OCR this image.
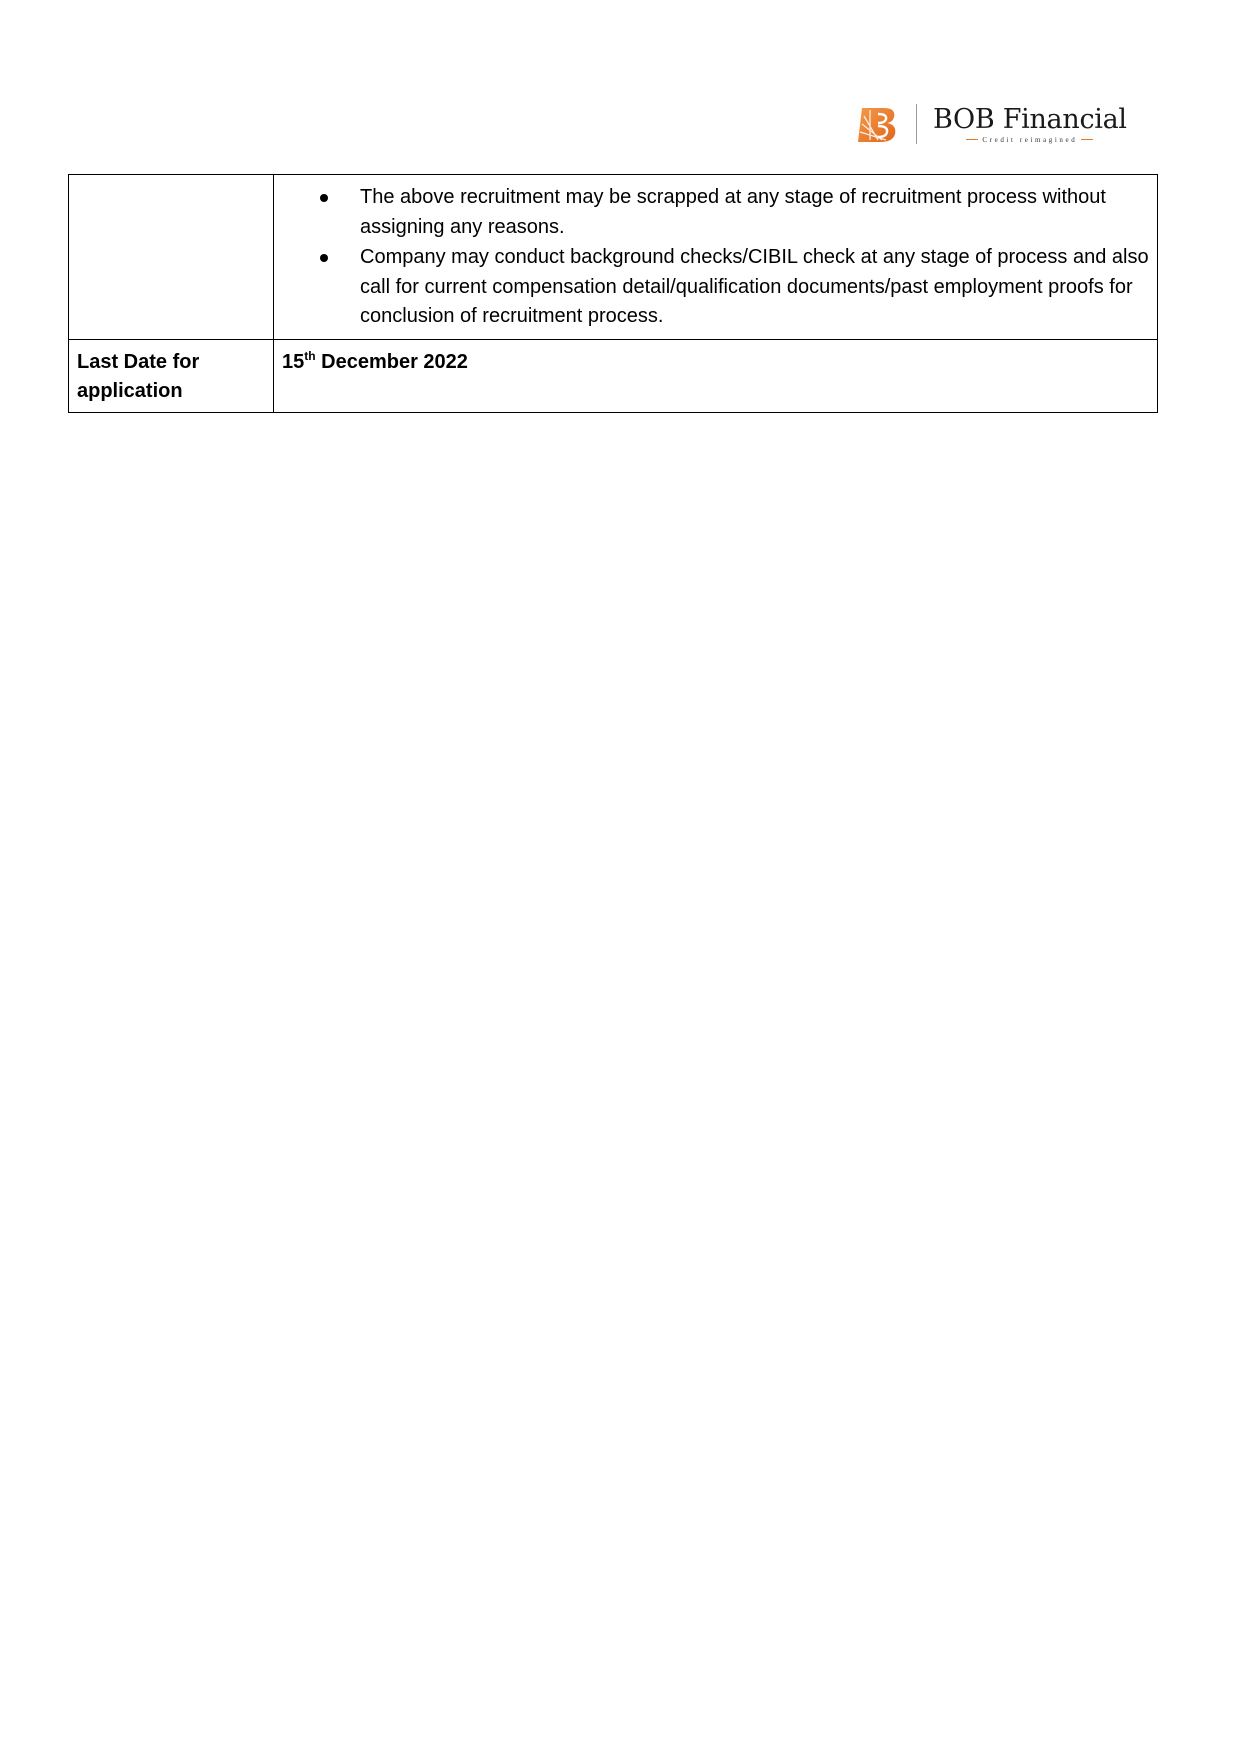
BOB Financial
Credit reimagined

The above recruitment may be scrapped at any stage of recruitment process without assigning any reasons.
Company may conduct background checks/CIBIL check at any stage of process and also call for current compensation detail/qualification documents/past employment proofs for conclusion of recruitment process.

Last Date for application	15th December 2022
